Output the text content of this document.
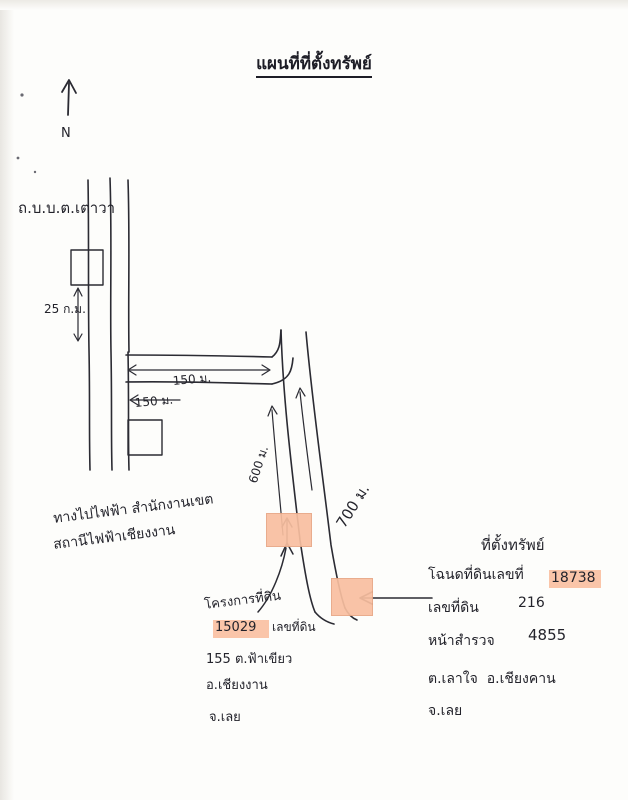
แผนที่ที่ตั้งทรัพย์
N
ถ.บ.บ.ต.เตาวา
25 ก.ม.
150 ม.
150 ม.
600 ม.
700 ม.
ทางไปไฟฟ้า สำนักงานเขต
สถานีไฟฟ้าเชียงงาน
โครงการที่ดิน
15029 เลขที่ดิน
155 ต.ฟ้าเขียว
อ.เชียงงาน
จ.เลย
ที่ตั้งทรัพย์
โฉนดที่ดินเลขที่ 18738
เลขที่ดิน	216
หน้าสำรวจ 4855
ต.เลาใจ  อ.เชียงคาน
จ.เลย
